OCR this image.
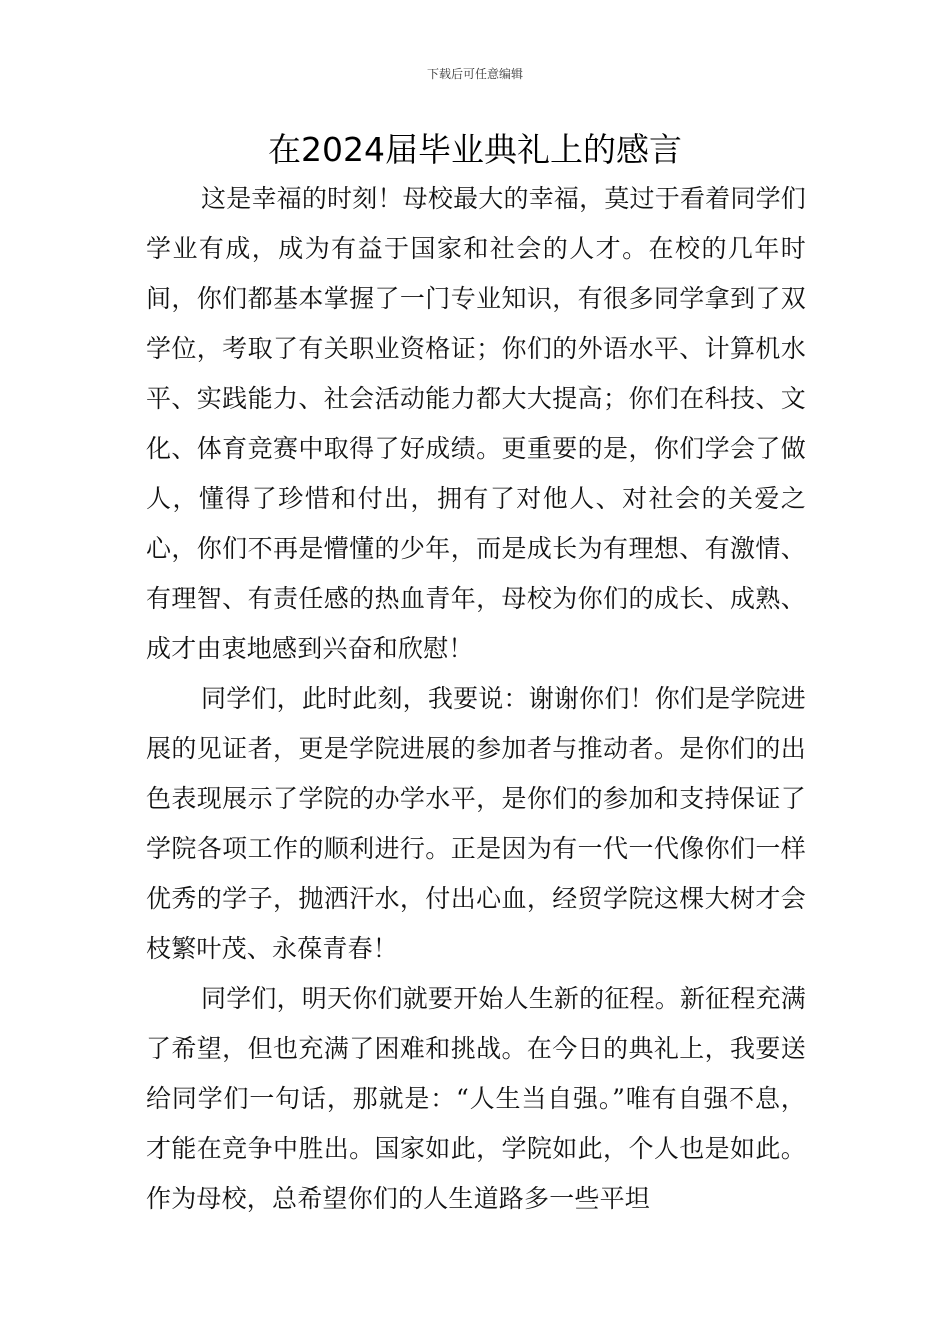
下载后可任意编辑
在2024届毕业典礼上的感言

这是幸福的时刻！母校最大的幸福，莫过于看着同学们学业有成，成为有益于国家和社会的人才。在校的几年时间，你们都基本掌握了一门专业知识，有很多同学拿到了双学位，考取了有关职业资格证；你们的外语水平、计算机水平、实践能力、社会活动能力都大大提高；你们在科技、文化、体育竞赛中取得了好成绩。更重要的是，你们学会了做人，懂得了珍惜和付出，拥有了对他人、对社会的关爱之心，你们不再是懵懂的少年，而是成长为有理想、有激情、有理智、有责任感的热血青年，母校为你们的成长、成熟、成才由衷地感到兴奋和欣慰！

同学们，此时此刻，我要说：谢谢你们！你们是学院进展的见证者，更是学院进展的参加者与推动者。是你们的出色表现展示了学院的办学水平，是你们的参加和支持保证了学院各项工作的顺利进行。正是因为有一代一代像你们一样优秀的学子，抛洒汗水，付出心血，经贸学院这棵大树才会枝繁叶茂、永葆青春！

同学们，明天你们就要开始人生新的征程。新征程充满了希望，但也充满了困难和挑战。在今日的典礼上，我要送给同学们一句话，那就是：“人生当自强。”唯有自强不息，才能在竞争中胜出。国家如此，学院如此，个人也是如此。作为母校，总希望你们的人生道路多一些平坦
